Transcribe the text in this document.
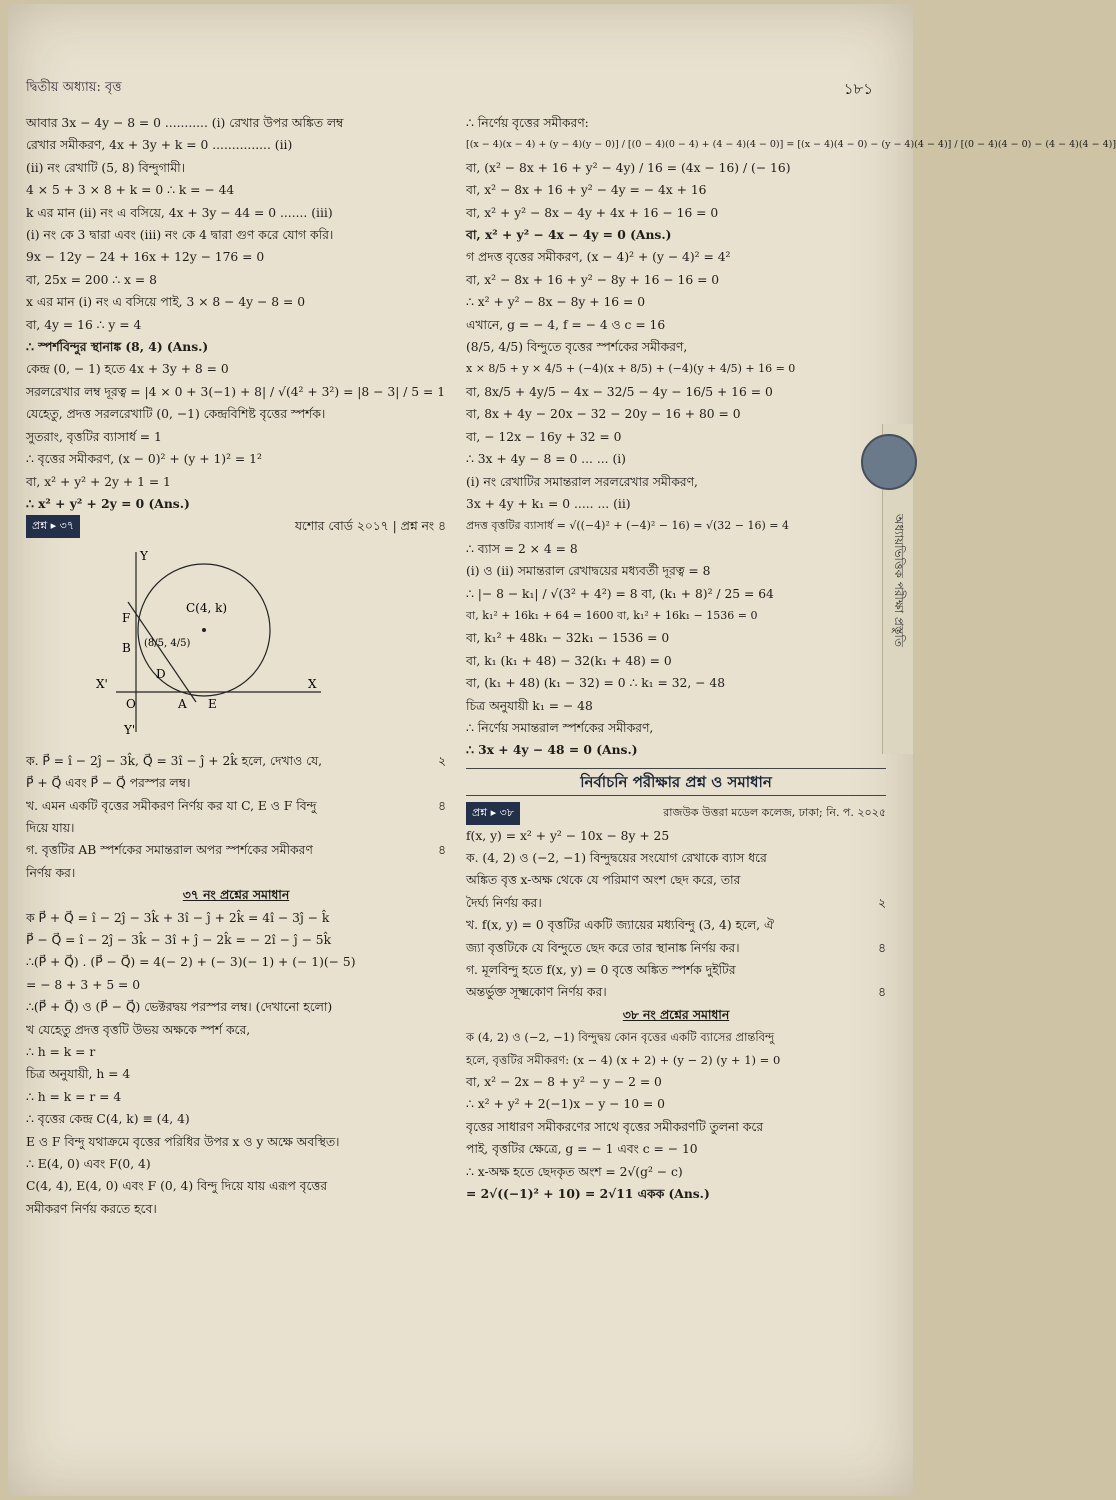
দ্বিতীয় অধ্যায়: বৃত্ত	১৮১
আবার 3x − 4y − 8 = 0 ........... (i) রেখার উপর অঙ্কিত লম্ব
রেখার সমীকরণ, 4x + 3y + k = 0 ............... (ii)
(ii) নং রেখাটি (5, 8) বিন্দুগামী।
4 × 5 + 3 × 8 + k = 0 ∴ k = − 44
k এর মান (ii) নং এ বসিয়ে, 4x + 3y − 44 = 0 ....... (iii)
(i) নং কে 3 দ্বারা এবং (iii) নং কে 4 দ্বারা গুণ করে যোগ করি।
9x − 12y − 24 + 16x + 12y − 176 = 0
বা, 25x = 200 ∴ x = 8
x এর মান (i) নং এ বসিয়ে পাই, 3 × 8 − 4y − 8 = 0
বা, 4y = 16 ∴ y = 4
∴ স্পর্শবিন্দুর স্থানাঙ্ক (8, 4) (Ans.)
কেন্দ্র (0, − 1) হতে 4x + 3y + 8 = 0
সরলরেখার লম্ব দূরত্ব = |4 × 0 + 3(−1) + 8| / √(4² + 3²) = |8 − 3| / 5 = 1
যেহেতু, প্রদত্ত সরলরেখাটি (0, −1) কেন্দ্রবিশিষ্ট বৃত্তের স্পর্শক।
সুতরাং, বৃত্তটির ব্যাসার্ধ = 1
∴ বৃত্তের সমীকরণ, (x − 0)² + (y + 1)² = 1²
বা, x² + y² + 2y + 1 = 1
∴ x² + y² + 2y = 0 (Ans.)
প্রশ্ন ▸ ৩৭	যশোর বোর্ড ২০১৭ | প্রশ্ন নং ৪
Y
F
C(4, k)
B (8/5, 4/5)
D
X'
O	A E
X
Y'
ক. P⃗ = î − 2ĵ − 3k̂, Q⃗ = 3î − ĵ + 2k̂ হলে, দেখাও যে,	২
P⃗ + Q⃗ এবং P⃗ − Q⃗ পরস্পর লম্ব।
খ. এমন একটি বৃত্তের সমীকরণ নির্ণয় কর যা C, E ও F বিন্দু	৪
দিয়ে যায়।
গ. বৃত্তটির AB স্পর্শকের সমান্তরাল অপর স্পর্শকের সমীকরণ	৪
নির্ণয় কর।
৩৭ নং প্রশ্নের সমাধান
ক P⃗ + Q⃗ = î − 2ĵ − 3k̂ + 3î − ĵ + 2k̂ = 4î − 3ĵ − k̂
P⃗ − Q⃗ = î − 2ĵ − 3k̂ − 3î + ĵ − 2k̂ = − 2î − ĵ − 5k̂
∴(P⃗ + Q⃗) . (P⃗ − Q⃗) = 4(− 2) + (− 3)(− 1) + (− 1)(− 5)
= − 8 + 3 + 5 = 0
∴(P⃗ + Q⃗) ও (P⃗ − Q⃗) ভেক্টরদ্বয় পরস্পর লম্ব। (দেখানো হলো)
খ যেহেতু প্রদত্ত বৃত্তটি উভয় অক্ষকে স্পর্শ করে,
∴ h = k = r
চিত্র অনুযায়ী, h = 4
∴ h = k = r = 4
∴ বৃত্তের কেন্দ্র C(4, k) ≡ (4, 4)
E ও F বিন্দু যথাক্রমে বৃত্তের পরিধির উপর x ও y অক্ষে অবস্থিত।
∴ E(4, 0) এবং F(0, 4)
C(4, 4), E(4, 0) এবং F (0, 4) বিন্দু দিয়ে যায় এরূপ বৃত্তের
সমীকরণ নির্ণয় করতে হবে।
∴ নির্ণেয় বৃত্তের সমীকরণ:
[(x − 4)(x − 4) + (y − 4)(y − 0)] / [(0 − 4)(0 − 4) + (4 − 4)(4 − 0)] = [(x − 4)(4 − 0) − (y − 4)(4 − 4)] / [(0 − 4)(4 − 0) − (4 − 4)(4 − 4)]
বা, (x² − 8x + 16 + y² − 4y) / 16 = (4x − 16) / (− 16)
বা, x² − 8x + 16 + y² − 4y = − 4x + 16
বা, x² + y² − 8x − 4y + 4x + 16 − 16 = 0
বা, x² + y² − 4x − 4y = 0 (Ans.)
গ প্রদত্ত বৃত্তের সমীকরণ, (x − 4)² + (y − 4)² = 4²
বা, x² − 8x + 16 + y² − 8y + 16 − 16 = 0
∴ x² + y² − 8x − 8y + 16 = 0
এখানে, g = − 4, f = − 4 ও c = 16
(8/5, 4/5) বিন্দুতে বৃত্তের স্পর্শকের সমীকরণ,
x × 8/5 + y × 4/5 + (−4)(x + 8/5) + (−4)(y + 4/5) + 16 = 0
বা, 8x/5 + 4y/5 − 4x − 32/5 − 4y − 16/5 + 16 = 0
বা, 8x + 4y − 20x − 32 − 20y − 16 + 80 = 0
বা, − 12x − 16y + 32 = 0
∴ 3x + 4y − 8 = 0 ... ... (i)
(i) নং রেখাটির সমান্তরাল সরলরেখার সমীকরণ,
3x + 4y + k₁ = 0 ..... ... (ii)
প্রদত্ত বৃত্তটির ব্যাসার্ধ = √((−4)² + (−4)² − 16) = √(32 − 16) = 4
∴ ব্যাস = 2 × 4 = 8
(i) ও (ii) সমান্তরাল রেখাদ্বয়ের মধ্যবর্তী দূরত্ব = 8
∴ |− 8 − k₁| / √(3² + 4²) = 8 বা, (k₁ + 8)² / 25 = 64
বা, k₁² + 16k₁ + 64 = 1600 বা, k₁² + 16k₁ − 1536 = 0
বা, k₁² + 48k₁ − 32k₁ − 1536 = 0
বা, k₁ (k₁ + 48) − 32(k₁ + 48) = 0
বা, (k₁ + 48) (k₁ − 32) = 0 ∴ k₁ = 32, − 48
চিত্র অনুযায়ী k₁ = − 48
∴ নির্ণেয় সমান্তরাল স্পর্শকের সমীকরণ,
∴ 3x + 4y − 48 = 0 (Ans.)
নির্বাচনি পরীক্ষার প্রশ্ন ও সমাধান
প্রশ্ন ▸ ৩৮	রাজউক উত্তরা মডেল কলেজ, ঢাকা; নি. প. ২০২৫
f(x, y) = x² + y² − 10x − 8y + 25
ক. (4, 2) ও (−2, −1) বিন্দুদ্বয়ের সংযোগ রেখাকে ব্যাস ধরে
অঙ্কিত বৃত্ত x-অক্ষ থেকে যে পরিমাণ অংশ ছেদ করে, তার
দৈর্ঘ্য নির্ণয় কর।	২
খ. f(x, y) = 0 বৃত্তটির একটি জ্যায়ের মধ্যবিন্দু (3, 4) হলে, ঐ
জ্যা বৃত্তটিকে যে বিন্দুতে ছেদ করে তার স্থানাঙ্ক নির্ণয় কর।	৪
গ. মূলবিন্দু হতে f(x, y) = 0 বৃত্তে অঙ্কিত স্পর্শক দুইটির
অন্তর্ভুক্ত সূক্ষ্মকোণ নির্ণয় কর।	৪
৩৮ নং প্রশ্নের সমাধান
ক (4, 2) ও (−2, −1) বিন্দুদ্বয় কোন বৃত্তের একটি ব্যাসের প্রান্তবিন্দু
হলে, বৃত্তটির সমীকরণ: (x − 4) (x + 2) + (y − 2) (y + 1) = 0
বা, x² − 2x − 8 + y² − y − 2 = 0
∴ x² + y² + 2(−1)x − y − 10 = 0
বৃত্তের সাধারণ সমীকরণের সাথে বৃত্তের সমীকরণটি তুলনা করে
পাই, বৃত্তটির ক্ষেত্রে, g = − 1 এবং c = − 10
∴ x-অক্ষ হতে ছেদকৃত অংশ = 2√(g² − c)
= 2√((−1)² + 10) = 2√11 একক (Ans.)
অধ্যায়ভিত্তিক পরীক্ষা প্রস্তুতি
